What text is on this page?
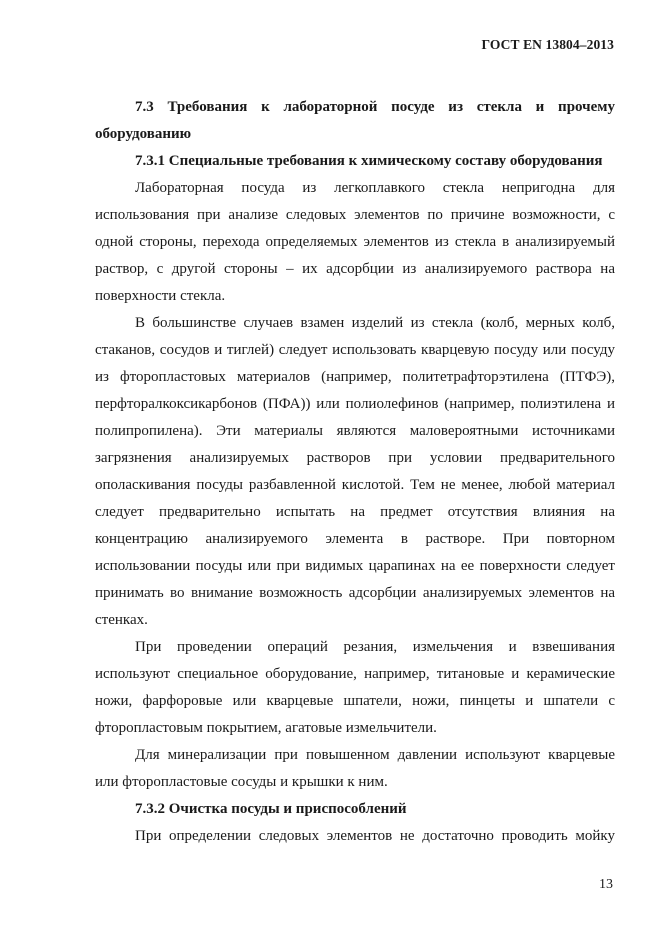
ГОСТ EN 13804–2013
7.3 Требования к лабораторной посуде из стекла и прочему оборудованию
7.3.1 Специальные требования к химическому составу оборудования

Лабораторная посуда из легкоплавкого стекла непригодна для использования при анализе следовых элементов по причине возможности, с одной стороны, перехода определяемых элементов из стекла в анализируемый раствор, с другой стороны – их адсорбции из анализируемого раствора на поверхности стекла.

В большинстве случаев взамен изделий из стекла (колб, мерных колб, стаканов, сосудов и тиглей) следует использовать кварцевую посуду или посуду из фторопластовых материалов (например, политетрафторэтилена (ПТФЭ), перфторалкоксикарбонов (ПФА)) или полиолефинов (например, полиэтилена и полипропилена). Эти материалы являются маловероятными источниками загрязнения анализируемых растворов при условии предварительного ополаскивания посуды разбавленной кислотой. Тем не менее, любой материал следует предварительно испытать на предмет отсутствия влияния на концентрацию анализируемого элемента в растворе. При повторном использовании посуды или при видимых царапинах на ее поверхности следует принимать во внимание возможность адсорбции анализируемых элементов на стенках.

При проведении операций резания, измельчения и взвешивания используют специальное оборудование, например, титановые и керамические ножи, фарфоровые или кварцевые шпатели, ножи, пинцеты и шпатели с фторопластовым покрытием, агатовые измельчители.

Для минерализации при повышенном давлении используют кварцевые или фторопластовые сосуды и крышки к ним.

7.3.2 Очистка посуды и приспособлений

При определении следовых элементов не достаточно проводить мойку

13
